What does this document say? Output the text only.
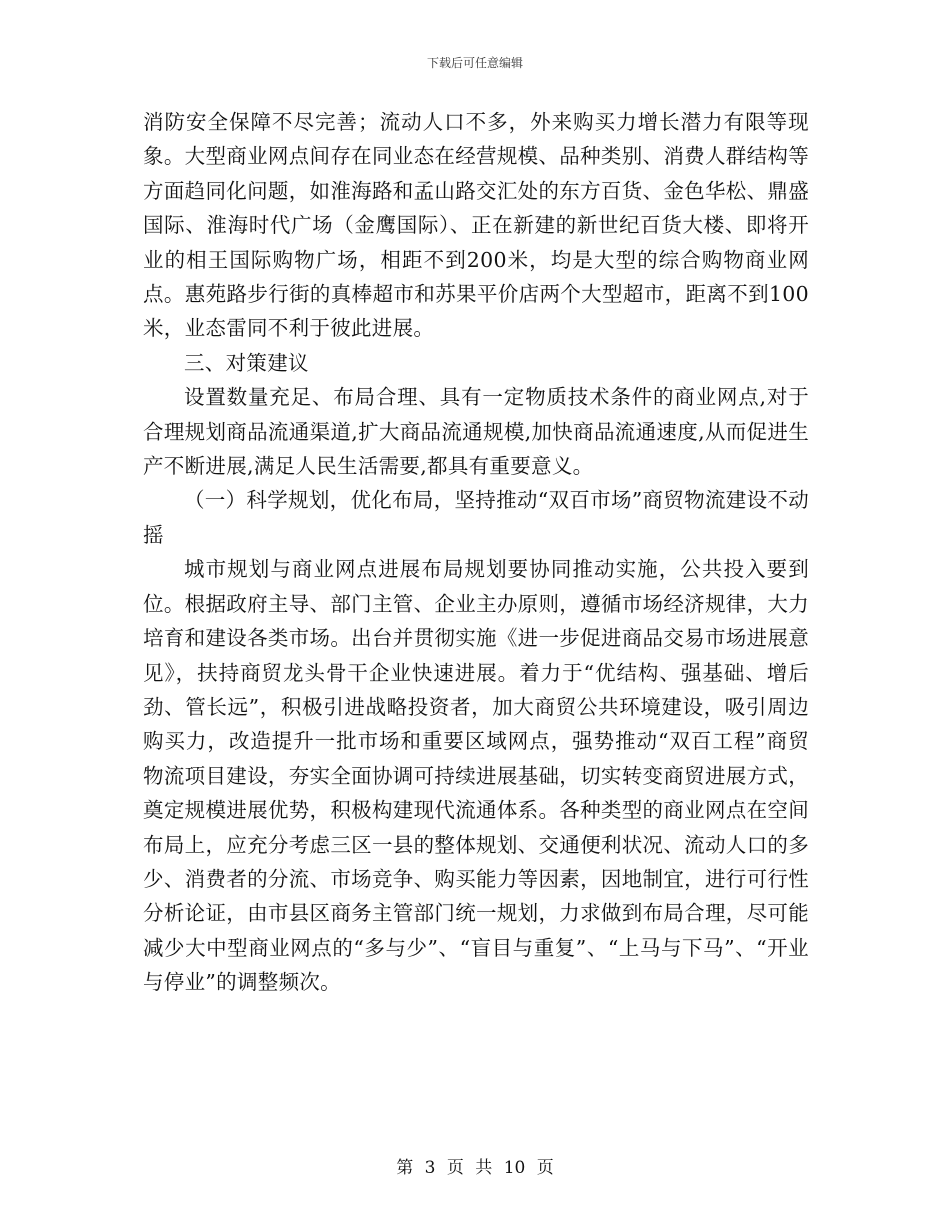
下载后可任意编辑

消防安全保障不尽完善；流动人口不多，外来购买力增长潜力有限等现象。大型商业网点间存在同业态在经营规模、品种类别、消费人群结构等方面趋同化问题，如淮海路和孟山路交汇处的东方百货、金色华松、鼎盛国际、淮海时代广场（金鹰国际）、正在新建的新世纪百货大楼、即将开业的相王国际购物广场，相距不到200米，均是大型的综合购物商业网点。惠苑路步行街的真棒超市和苏果平价店两个大型超市，距离不到100米，业态雷同不利于彼此进展。

三、对策建议

设置数量充足、布局合理、具有一定物质技术条件的商业网点,对于合理规划商品流通渠道,扩大商品流通规模,加快商品流通速度,从而促进生产不断进展,满足人民生活需要,都具有重要意义。

（一）科学规划，优化布局，坚持推动“双百市场”商贸物流建设不动摇

城市规划与商业网点进展布局规划要协同推动实施，公共投入要到位。根据政府主导、部门主管、企业主办原则，遵循市场经济规律，大力培育和建设各类市场。出台并贯彻实施《进一步促进商品交易市场进展意见》，扶持商贸龙头骨干企业快速进展。着力于“优结构、强基础、增后劲、管长远”，积极引进战略投资者，加大商贸公共环境建设，吸引周边购买力，改造提升一批市场和重要区域网点，强势推动“双百工程”商贸物流项目建设，夯实全面协调可持续进展基础，切实转变商贸进展方式，奠定规模进展优势，积极构建现代流通体系。各种类型的商业网点在空间布局上，应充分考虑三区一县的整体规划、交通便利状况、流动人口的多少、消费者的分流、市场竞争、购买能力等因素，因地制宜，进行可行性分析论证，由市县区商务主管部门统一规划，力求做到布局合理，尽可能减少大中型商业网点的“多与少”、“盲目与重复”、“上马与下马”、“开业与停业”的调整频次。

第 3 页 共 10 页
